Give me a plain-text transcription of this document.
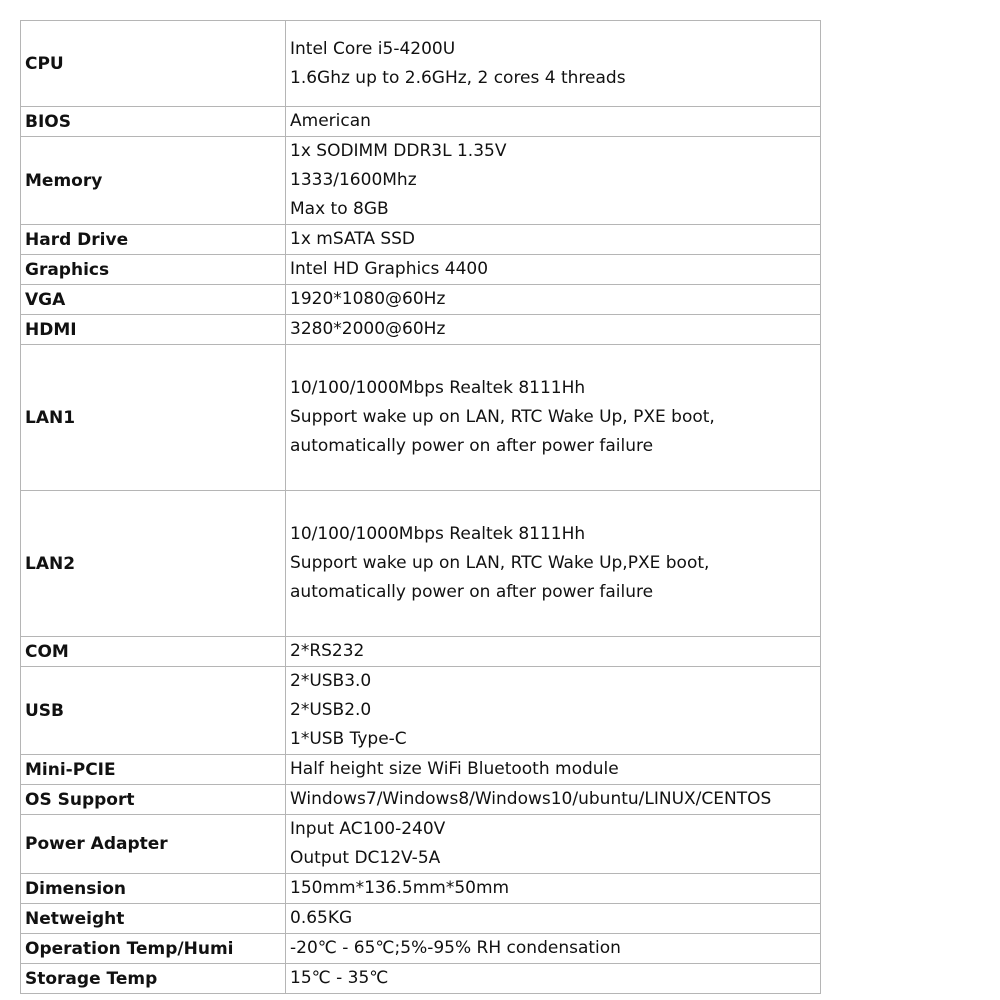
CPU	Intel Core i5-4200U
1.6Ghz up to 2.6GHz, 2 cores 4 threads

BIOS	American

Memory	1x SODIMM DDR3L 1.35V
1333/1600Mhz
Max to 8GB

Hard Drive	1x mSATA SSD

Graphics	Intel HD Graphics 4400

VGA	1920*1080@60Hz

HDMI	3280*2000@60Hz

LAN1	10/100/1000Mbps Realtek 8111Hh
Support wake up on LAN, RTC Wake Up, PXE boot,
automatically power on after power failure

LAN2	10/100/1000Mbps Realtek 8111Hh
Support wake up on LAN, RTC Wake Up,PXE boot,
automatically power on after power failure

COM	2*RS232

USB	2*USB3.0
2*USB2.0
1*USB Type-C

Mini-PCIE	Half height size WiFi Bluetooth module

OS Support	Windows7/Windows8/Windows10/ubuntu/LINUX/CENTOS

Power Adapter	Input AC100-240V
Output DC12V-5A

Dimension	150mm*136.5mm*50mm

Netweight	0.65KG

Operation Temp/Humi	-20℃ - 65℃;5%-95% RH condensation

Storage Temp	15℃ - 35℃
